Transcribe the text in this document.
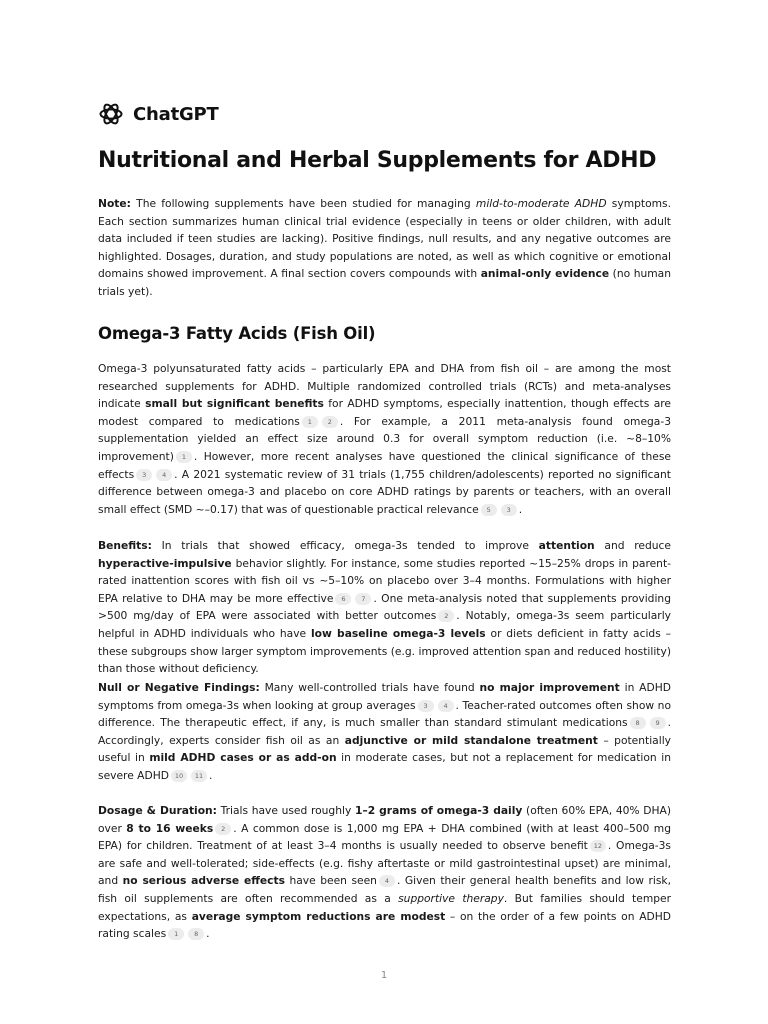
ChatGPT
Nutritional and Herbal Supplements for ADHD

Note: The following supplements have been studied for managing mild-to-moderate ADHD symptoms. Each section summarizes human clinical trial evidence (especially in teens or older children, with adult data included if teen studies are lacking). Positive findings, null results, and any negative outcomes are highlighted. Dosages, duration, and study populations are noted, as well as which cognitive or emotional domains showed improvement. A final section covers compounds with animal-only evidence (no human trials yet).

Omega-3 Fatty Acids (Fish Oil)

Omega-3 polyunsaturated fatty acids – particularly EPA and DHA from fish oil – are among the most researched supplements for ADHD. Multiple randomized controlled trials (RCTs) and meta-analyses indicate small but significant benefits for ADHD symptoms, especially inattention, though effects are modest compared to medications 1 2 . For example, a 2011 meta-analysis found omega-3 supplementation yielded an effect size around 0.3 for overall symptom reduction (i.e. ~8–10% improvement) 1 . However, more recent analyses have questioned the clinical significance of these effects 3 4 . A 2021 systematic review of 31 trials (1,755 children/adolescents) reported no significant difference between omega-3 and placebo on core ADHD ratings by parents or teachers, with an overall small effect (SMD ~–0.17) that was of questionable practical relevance 5 3 .

Benefits: In trials that showed efficacy, omega-3s tended to improve attention and reduce hyperactive-impulsive behavior slightly. For instance, some studies reported ~15–25% drops in parent-rated inattention scores with fish oil vs ~5–10% on placebo over 3–4 months. Formulations with higher EPA relative to DHA may be more effective 6 7 . One meta-analysis noted that supplements providing >500 mg/day of EPA were associated with better outcomes 2 . Notably, omega-3s seem particularly helpful in ADHD individuals who have low baseline omega-3 levels or diets deficient in fatty acids – these subgroups show larger symptom improvements (e.g. improved attention span and reduced hostility) than those without deficiency.

Null or Negative Findings: Many well-controlled trials have found no major improvement in ADHD symptoms from omega-3s when looking at group averages 3 4 . Teacher-rated outcomes often show no difference. The therapeutic effect, if any, is much smaller than standard stimulant medications 8 9 . Accordingly, experts consider fish oil as an adjunctive or mild standalone treatment – potentially useful in mild ADHD cases or as add-on in moderate cases, but not a replacement for medication in severe ADHD 10 11 .

Dosage & Duration: Trials have used roughly 1–2 grams of omega-3 daily (often 60% EPA, 40% DHA) over 8 to 16 weeks 2 . A common dose is 1,000 mg EPA + DHA combined (with at least 400–500 mg EPA) for children. Treatment of at least 3–4 months is usually needed to observe benefit 12 . Omega-3s are safe and well-tolerated; side-effects (e.g. fishy aftertaste or mild gastrointestinal upset) are minimal, and no serious adverse effects have been seen 4 . Given their general health benefits and low risk, fish oil supplements are often recommended as a supportive therapy. But families should temper expectations, as average symptom reductions are modest – on the order of a few points on ADHD rating scales 1 8 .

1
